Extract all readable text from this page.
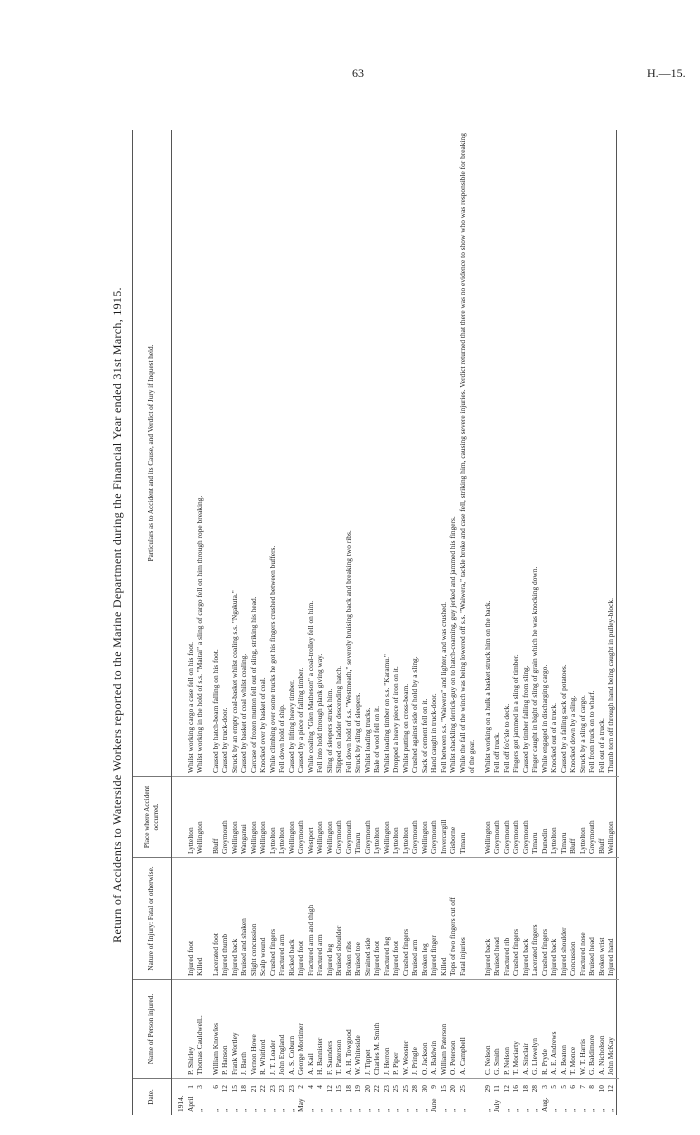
63	H.—15.
Return of Accidents to Waterside Workers reported to the Marine Department during the Financial Year ended 31st March, 1915.
Date.	Name of Person injured.	Nature of Injury: Fatal or otherwise.	Place where Accident occurred.	Particulars as to Accident and its Cause, and Verdict of Jury if Inquest held.
1914.				
April1	P. Shirley	Injured foot	Lyttelton	Whilst working cargo a case fell on his foot.
„3	Thomas Cauldwell..	Killed	Wellington	Whilst working in the hold of s.s. "Maitai" a sling of cargo fell on him through rope breaking.

„6	William Knowles	Lacerated foot	Bluff	Caused by hatch-beam falling on his foot.
„12	P. Hanson	Injured thumb	Greymouth	Caused by truck-door.
„15	Frank Wortley	Injured back	Wellington	Struck by an empty coal-basket whilst coaling s.s. "Ngakuta."
„18	J. Barth	Bruised and shaken	Wanganui	Caused by basket of coal whilst coaling.
„21	Vernon Howe	Slight concussion	Wellington	Carcase of frozen mutton fell out of sling, striking his head.
„22	R. Whitford	Scalp wound	Wellington	Knocked over by basket of coal.
„23	J. T. Loader	Crushed fingers	Lyttelton	While climbing over some trucks he got his fingers crushed between buffers.
„23	John England	Fractured arm	Lyttelton	Fell down hold of ship.
„23	A. S. Coburn	Ricked back	Wellington	Caused by lifting heavy timber.
May2	George Mortimer	Injured foot	Greymouth	Caused by a piece of falling timber.
„4	A. Kail	Fractured arm and thigh	Westport	While coaling "Glen Matheson" a coal-trolley fell on him.
„4	H. Bannister	Fractured arm	Wellington	Fell into hold through plank giving way.
„12	F. Saunders	Injured leg	Wellington	Sling of sleepers struck him.
„15	T. Patterson	Bruised shoulder	Greymouth	Slipped on ladder descending hatch.
„18	A. H. Towgood	Broken ribs	Greymouth	Fell down hold of s.s. "Westmeath," severely bruising back and breaking two ribs.
„19	W. Whiteside	Bruised toe	Timaru	Struck by sling of sleepers.
„20	J. Tippet	Strained side	Greymouth	Whilst loading trucks.
„22	Charles M. Smith	Injured foot	Lyttelton	Bale of wool fell on it.
„23	J. Herron	Fractured leg	Wellington	Whilst loading timber on s.s. "Karamu."
„25	P. Piper	Injured foot	Lyttelton	Dropped a heavy piece of iron on it.
„25	W. Wooster	Crushed fingers	Lyttelton	Whilst putting on cross-beam.
„28	J. Pringle	Bruised arm	Greymouth	Crushed against side of hold by a sling.
„30	O. Jackson	Broken leg	Wellington	Sack of cement fell on it.
June9	A. Baldwin	Injured finger	Greymouth	Hand caught in truck-door.
„15	William Paterson	Killed	Invercargill	Fell between s.s. "Waiwera" and lighter, and was crushed.
„20	O. Peterson	Tops of two fingers cut off	Gisborne	Whilst shackling derrick-guy on to hatch-coaming, guy jerked and jammed his fingers.
„25	A. Campbell	Fatal injuries	Timaru	While the fall of the winch was being lowered off s.s. "Waiwera," tackle broke and case fell, striking him, causing severe injuries. Verdict returned that there was no evidence to show who was responsible for breaking of the gear.

„29	C. Nelson	Injured back	Wellington	Whilst working on a hulk a basket struck him on the back.
July11	G. Smith	Bruised head	Greymouth	Fell off truck.
„12	P. Nelson	Fractured rib	Greymouth	Fell off fo'c'sle to deck.
„16	T. Moriarty	Crushed fingers	Greymouth	Fingers got jammed in a sling of timber.
„18	A. Sinclair	Injured back	Greymouth	Caused by timber falling from sling.
„28	G. Llewelyn	Lacerated fingers	Timaru	Finger caught in bight of sling of grain which he was knocking down.
Aug.3	R. Pryde	Crushed fingers	Dunedin	While engaged in discharging cargo.
„5	A. E. Andrews	Injured back	Lyttelton	Knocked out of a truck.
„5	A. Beaton	Injured shoulder	Timaru	Caused by a falling sack of potatoes.
„6	T. Monce	Concussion	Bluff	Knocked down by a sling.
„7	W. T. Harris	Fractured nose	Lyttelton	Struck by a sling of cargo.
„8	G. Baldimore	Bruised head	Greymouth	Fell from truck on to wharf.
„10	A. Nicholson	Broken wrist	Bluff	Fell out of a truck.
„12	John McKay	Injured hand	Wellington	Thumb torn off through hand being caught in pulley-block.
